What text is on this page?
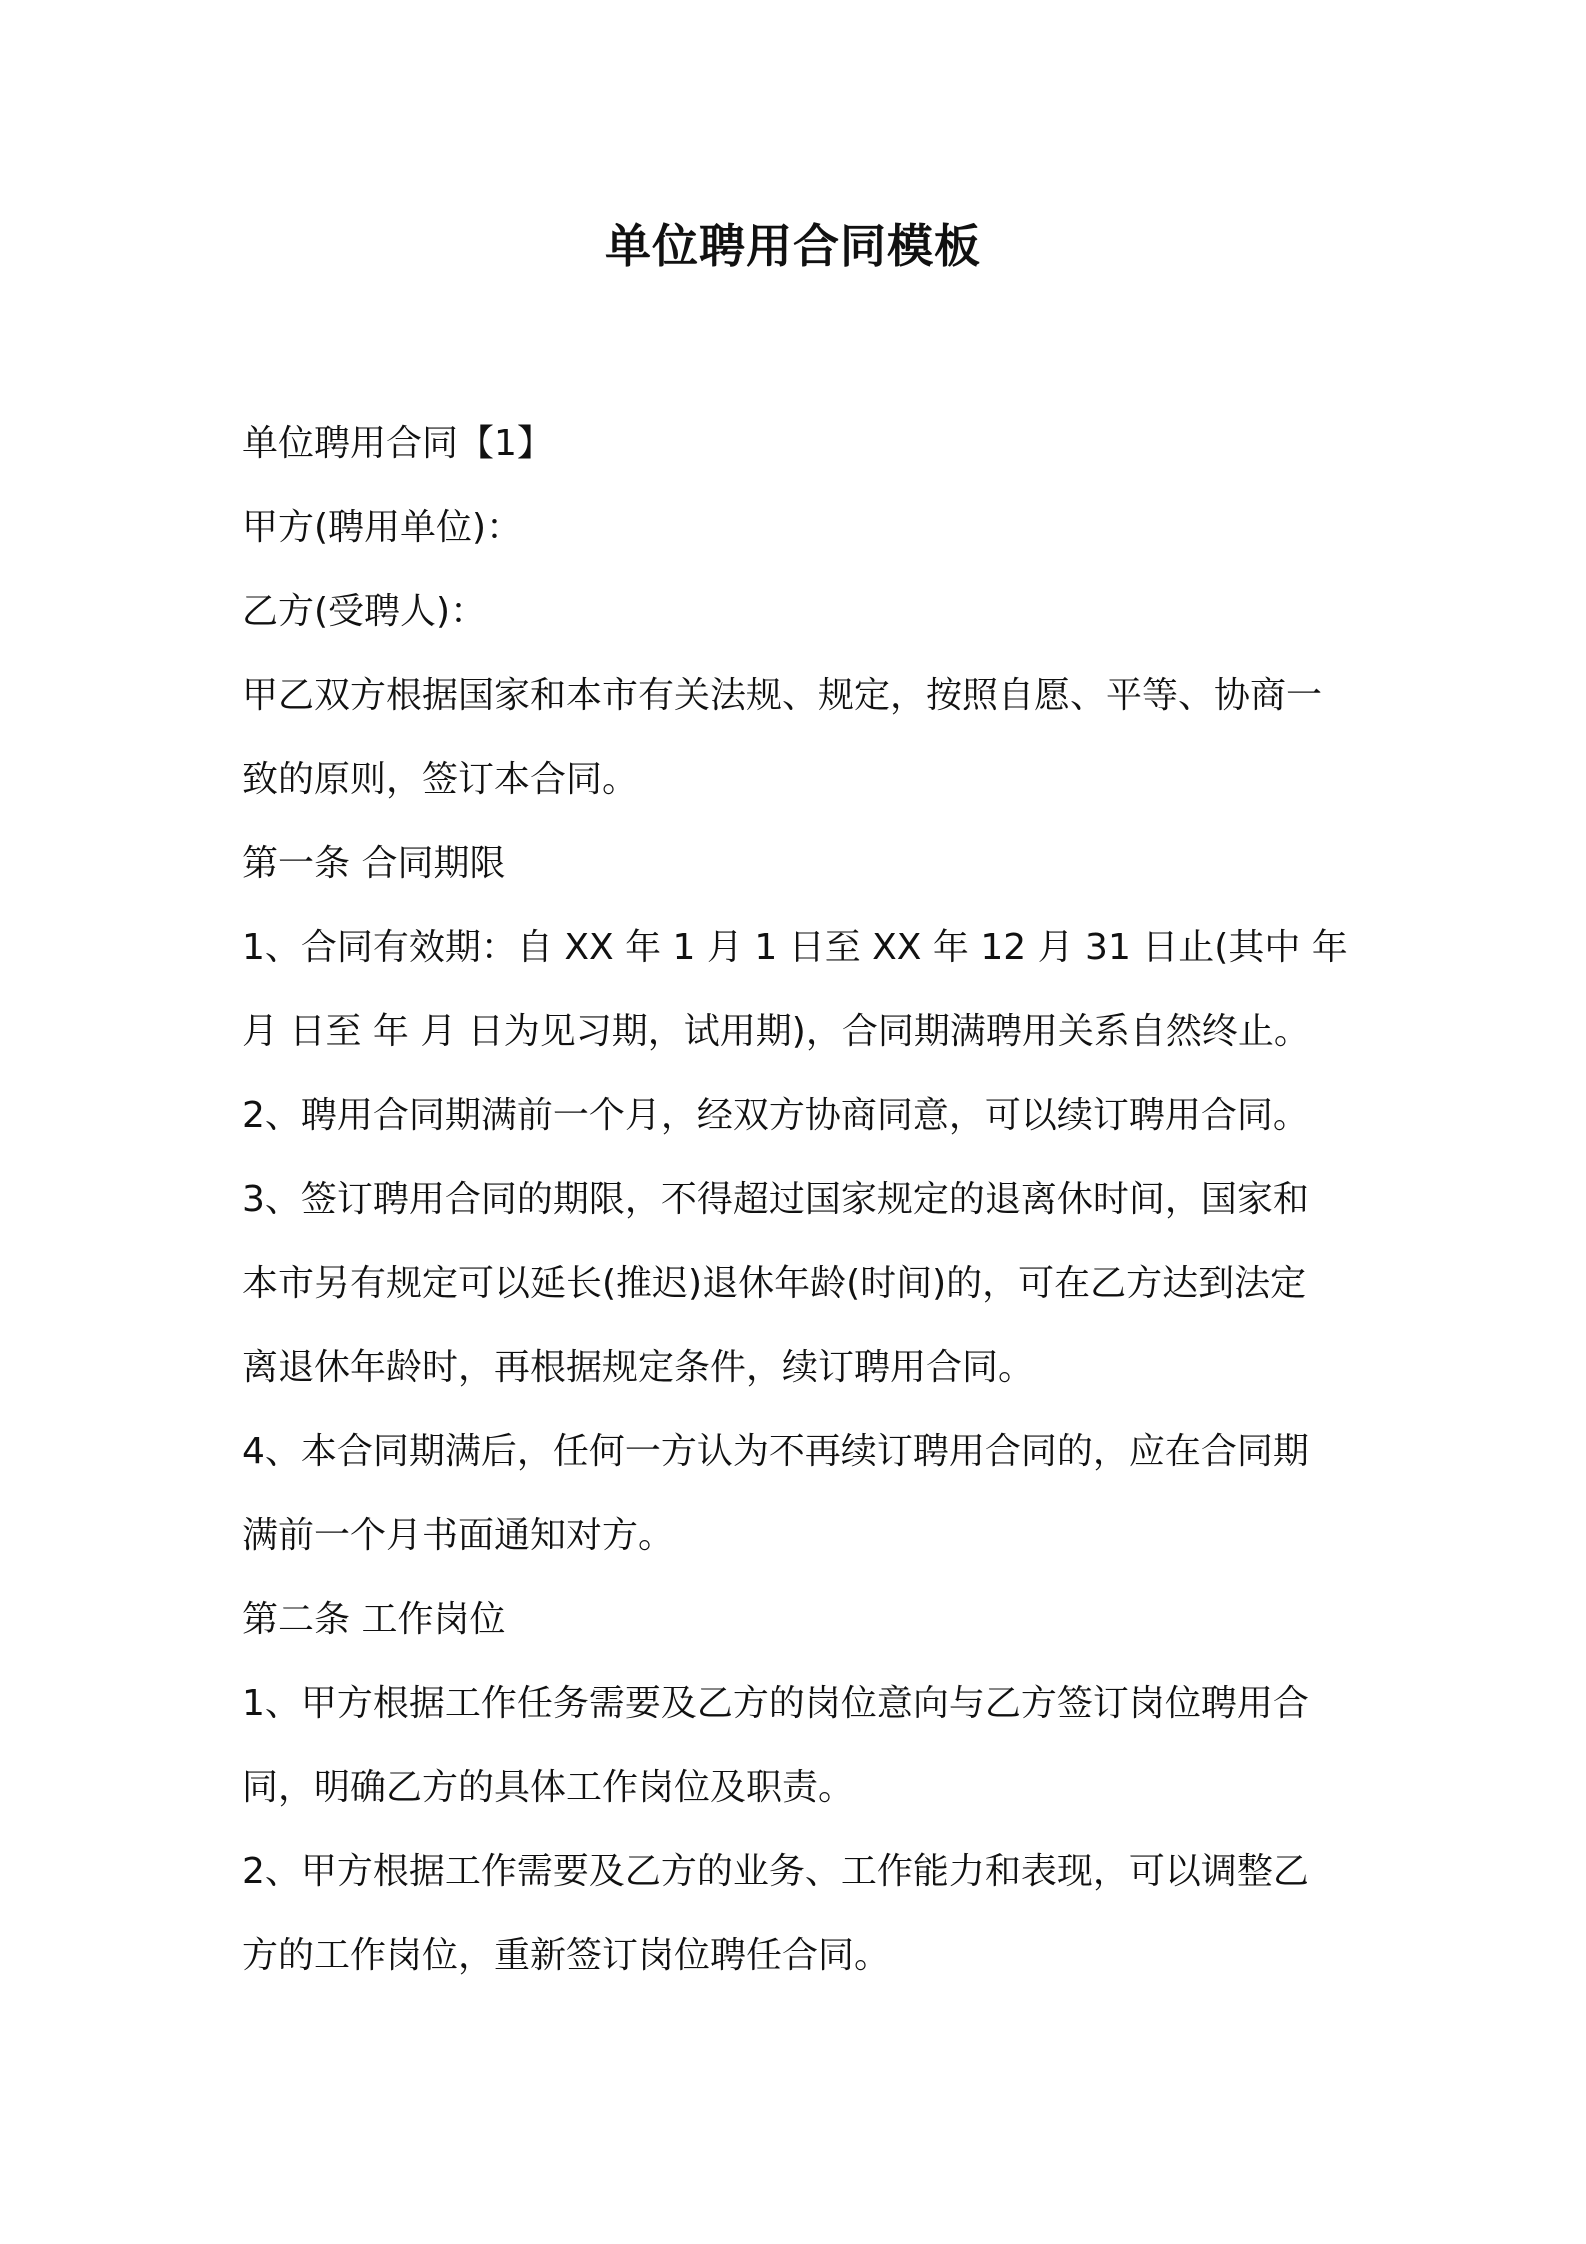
单位聘用合同模板
单位聘用合同【1】
甲方(聘用单位)：
乙方(受聘人)：
甲乙双方根据国家和本市有关法规、规定，按照自愿、平等、协商一
致的原则，签订本合同。
第一条 合同期限
1、合同有效期：自 XX 年 1 月 1 日至 XX 年 12 月 31 日止(其中 年
月 日至 年 月 日为见习期，试用期)，合同期满聘用关系自然终止。
2、聘用合同期满前一个月，经双方协商同意，可以续订聘用合同。
3、签订聘用合同的期限，不得超过国家规定的退离休时间，国家和
本市另有规定可以延长(推迟)退休年龄(时间)的，可在乙方达到法定
离退休年龄时，再根据规定条件，续订聘用合同。
4、本合同期满后，任何一方认为不再续订聘用合同的，应在合同期
满前一个月书面通知对方。
第二条 工作岗位
1、甲方根据工作任务需要及乙方的岗位意向与乙方签订岗位聘用合
同，明确乙方的具体工作岗位及职责。
2、甲方根据工作需要及乙方的业务、工作能力和表现，可以调整乙
方的工作岗位，重新签订岗位聘任合同。
